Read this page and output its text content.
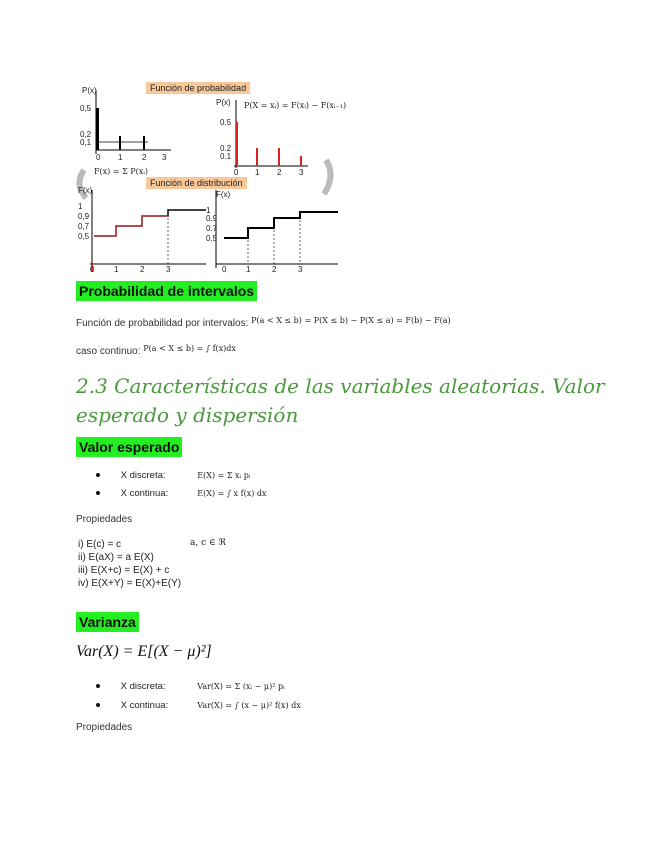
Función de probabilidad
Función de distribución
P(x)
0,5
0,2
0,1
0 1 2 3
F(x) = Σ P(xᵢ)
P(x) P(X = xᵢ) = F(xᵢ) − F(xᵢ₋₁)
0.5
0.2
0.1
0 1 2 3
F(x)
1
0,9
0,7
0,5
0 1	2	3
F(x)
1
0.9
0.7
0.5
0 1	2	3
Probabilidad de intervalos
Función de probabilidad por intervalos: $^{P(a < X \le b) = P(X \le b) - P(X \le a) = F(b) - F(a)}$
caso continuo: $^{P(a < X \le b) = \int f(x)dx}$
2.3 Características de las variables aleatorias. Valor
esperado y dispersión
Valor esperado
X discreta:	E(X) = Σ xᵢ pᵢ
X continua:	E(X) = ∫ x f(x) dx
Propiedades
a, c ∈ ℜ
i) E(c) = c
ii) E(aX) = a E(X)
iii) E(X+c) = E(X) + c
iv) E(X+Y) = E(X)+E(Y)
Varianza
Var(X) = E[(X − μ)²]
X discreta:	Var(X) = Σ (xᵢ − μ)² pᵢ
X continua:	Var(X) = ∫ (x − μ)² f(x) dx
Propiedades
